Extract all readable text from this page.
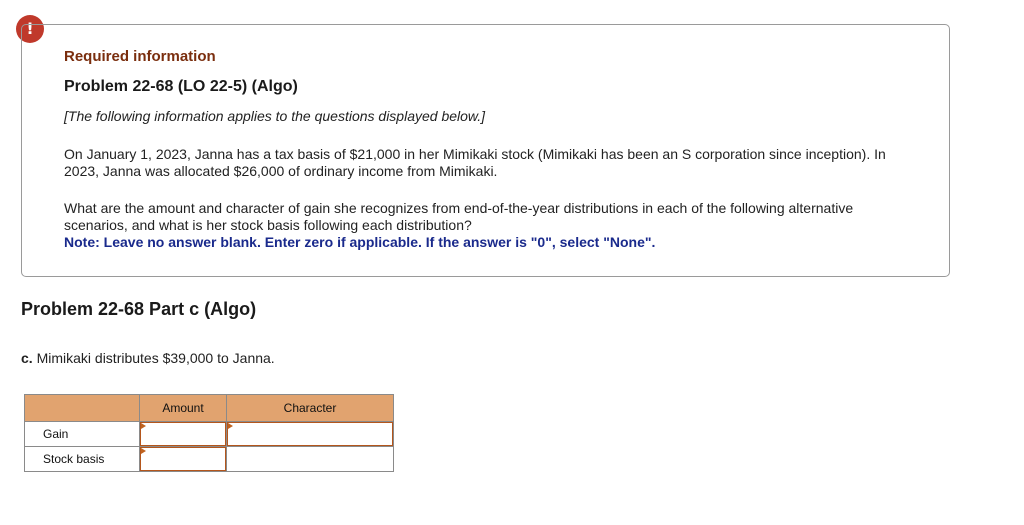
!
Required information
Problem 22-68 (LO 22-5) (Algo)
[The following information applies to the questions displayed below.]

On January 1, 2023, Janna has a tax basis of $21,000 in her Mimikaki stock (Mimikaki has been an S corporation since inception). In 2023, Janna was allocated $26,000 of ordinary income from Mimikaki.

What are the amount and character of gain she recognizes from end-of-the-year distributions in each of the following alternative scenarios, and what is her stock basis following each distribution?

Note: Leave no answer blank. Enter zero if applicable. If the answer is "0", select "None".
Problem 22-68 Part c (Algo)
c. Mimikaki distributes $39,000 to Janna.
	Amount	Character
Gain	

Stock basis	
